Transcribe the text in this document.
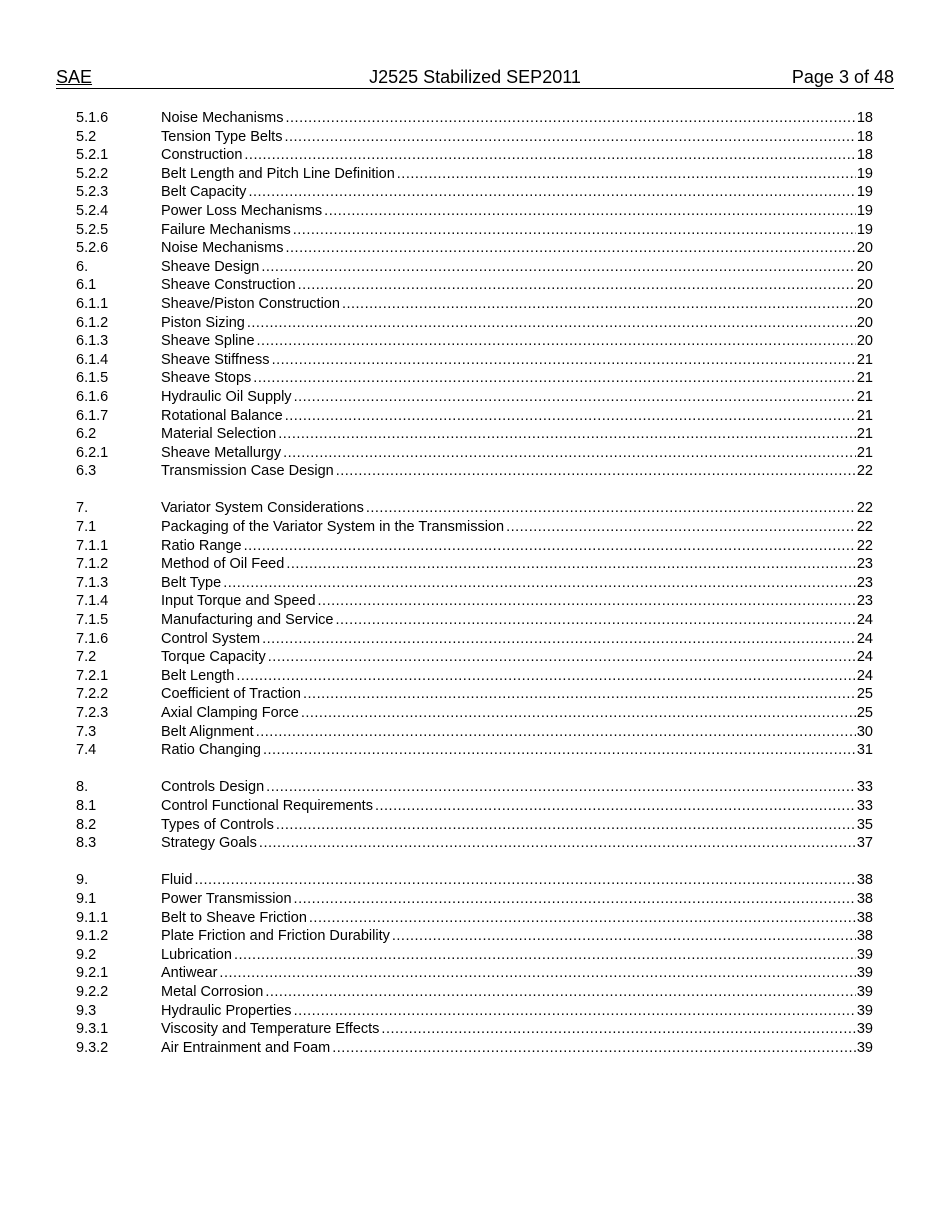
SAE	J2525 Stabilized SEP2011	Page 3 of 48
5.1.6	Noise Mechanisms .....	18
5.2	Tension Type Belts .....	18
5.2.1	Construction .....	18
5.2.2	Belt Length and Pitch Line Definition .....	19
5.2.3	Belt Capacity .....	19
5.2.4	Power Loss Mechanisms .....	19
5.2.5	Failure Mechanisms .....	19
5.2.6	Noise Mechanisms .....	20
6.	Sheave Design .....	20
6.1	Sheave Construction .....	20
6.1.1	Sheave/Piston Construction .....	20
6.1.2	Piston Sizing .....	20
6.1.3	Sheave Spline .....	20
6.1.4	Sheave Stiffness .....	21
6.1.5	Sheave Stops .....	21
6.1.6	Hydraulic Oil Supply .....	21
6.1.7	Rotational Balance .....	21
6.2	Material Selection .....	21
6.2.1	Sheave Metallurgy .....	21
6.3	Transmission Case Design .....	22
7.	Variator System Considerations .....	22
7.1	Packaging of the Variator System in the Transmission .....	22
7.1.1	Ratio Range .....	22
7.1.2	Method of Oil Feed .....	23
7.1.3	Belt Type .....	23
7.1.4	Input Torque and Speed .....	23
7.1.5	Manufacturing and Service .....	24
7.1.6	Control System .....	24
7.2	Torque Capacity .....	24
7.2.1	Belt Length .....	24
7.2.2	Coefficient of Traction .....	25
7.2.3	Axial Clamping Force .....	25
7.3	Belt Alignment .....	30
7.4	Ratio Changing .....	31
8.	Controls Design .....	33
8.1	Control Functional Requirements .....	33
8.2	Types of Controls .....	35
8.3	Strategy Goals .....	37
9.	Fluid .....	38
9.1	Power Transmission .....	38
9.1.1	Belt to Sheave Friction .....	38
9.1.2	Plate Friction and Friction Durability .....	38
9.2	Lubrication .....	39
9.2.1	Antiwear .....	39
9.2.2	Metal Corrosion .....	39
9.3	Hydraulic Properties .....	39
9.3.1	Viscosity and Temperature Effects .....	39
9.3.2	Air Entrainment and Foam .....	39
